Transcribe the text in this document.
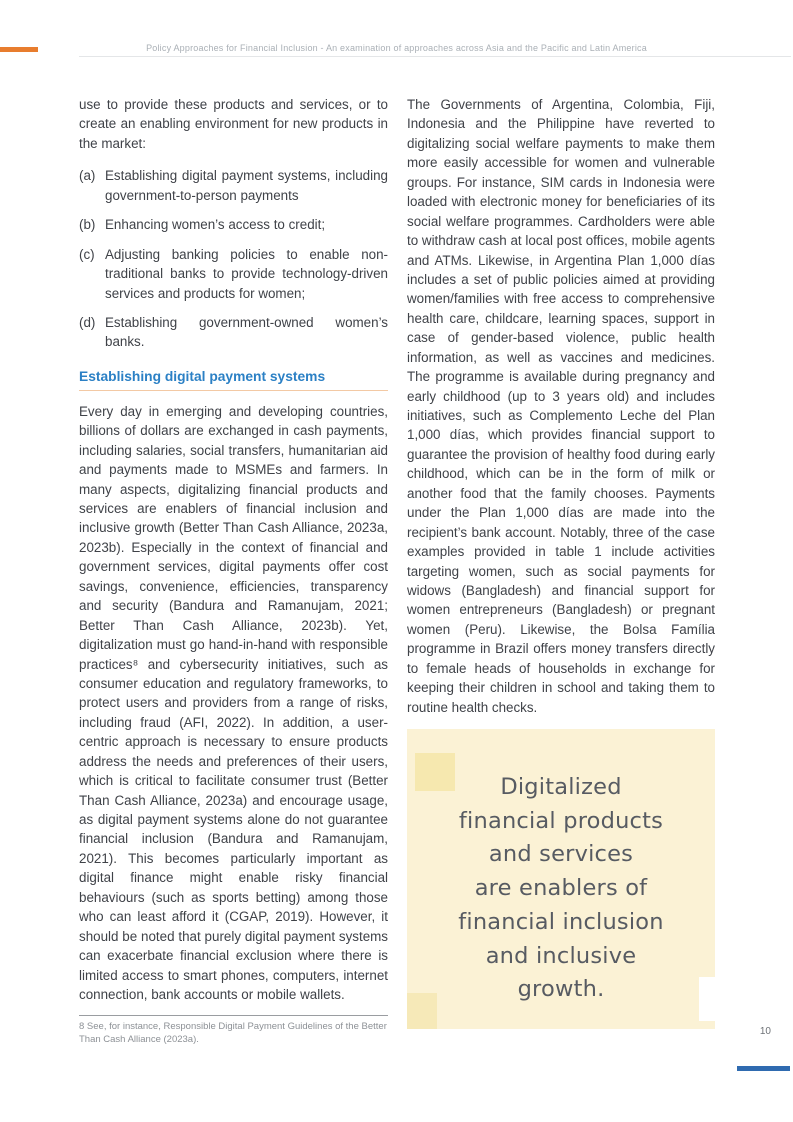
Policy Approaches for Financial Inclusion - An examination of approaches across Asia and the Pacific and Latin America

use to provide these products and services, or to create an enabling environment for new products in the market:

(a) Establishing digital payment systems, including government-to-person payments
(b) Enhancing women’s access to credit;
(c) Adjusting banking policies to enable non-traditional banks to provide technology-driven services and products for women;
(d) Establishing government-owned women’s banks.
Establishing digital payment systems

Every day in emerging and developing countries, billions of dollars are exchanged in cash payments, including salaries, social transfers, humanitarian aid and payments made to MSMEs and farmers. In many aspects, digitalizing financial products and services are enablers of financial inclusion and inclusive growth (Better Than Cash Alliance, 2023a, 2023b). Especially in the context of financial and government services, digital payments offer cost savings, convenience, efficiencies, transparency and security (Bandura and Ramanujam, 2021; Better Than Cash Alliance, 2023b). Yet, digitalization must go hand-in-hand with responsible practices⁸ and cybersecurity initiatives, such as consumer education and regulatory frameworks, to protect users and providers from a range of risks, including fraud (AFI, 2022). In addition, a user-centric approach is necessary to ensure products address the needs and preferences of their users, which is critical to facilitate consumer trust (Better Than Cash Alliance, 2023a) and encourage usage, as digital payment systems alone do not guarantee financial inclusion (Bandura and Ramanujam, 2021). This becomes particularly important as digital finance might enable risky financial behaviours (such as sports betting) among those who can least afford it (CGAP, 2019). However, it should be noted that purely digital payment systems can exacerbate financial exclusion where there is limited access to smart phones, computers, internet connection, bank accounts or mobile wallets.

8 See, for instance, Responsible Digital Payment Guidelines of the Better Than Cash Alliance (2023a).

The Governments of Argentina, Colombia, Fiji, Indonesia and the Philippine have reverted to digitalizing social welfare payments to make them more easily accessible for women and vulnerable groups. For instance, SIM cards in Indonesia were loaded with electronic money for beneficiaries of its social welfare programmes. Cardholders were able to withdraw cash at local post offices, mobile agents and ATMs. Likewise, in Argentina Plan 1,000 días includes a set of public policies aimed at providing women/families with free access to comprehensive health care, childcare, learning spaces, support in case of gender-based violence, public health information, as well as vaccines and medicines. The programme is available during pregnancy and early childhood (up to 3 years old) and includes initiatives, such as Complemento Leche del Plan 1,000 días, which provides financial support to guarantee the provision of healthy food during early childhood, which can be in the form of milk or another food that the family chooses. Payments under the Plan 1,000 días are made into the recipient’s bank account. Notably, three of the case examples provided in table 1 include activities targeting women, such as social payments for widows (Bangladesh) and financial support for women entrepreneurs (Bangladesh) or pregnant women (Peru). Likewise, the Bolsa Família programme in Brazil offers money transfers directly to female heads of households in exchange for keeping their children in school and taking them to routine health checks.

Digitalized
financial products
and services
are enablers of
financial inclusion
and inclusive
growth.
10
